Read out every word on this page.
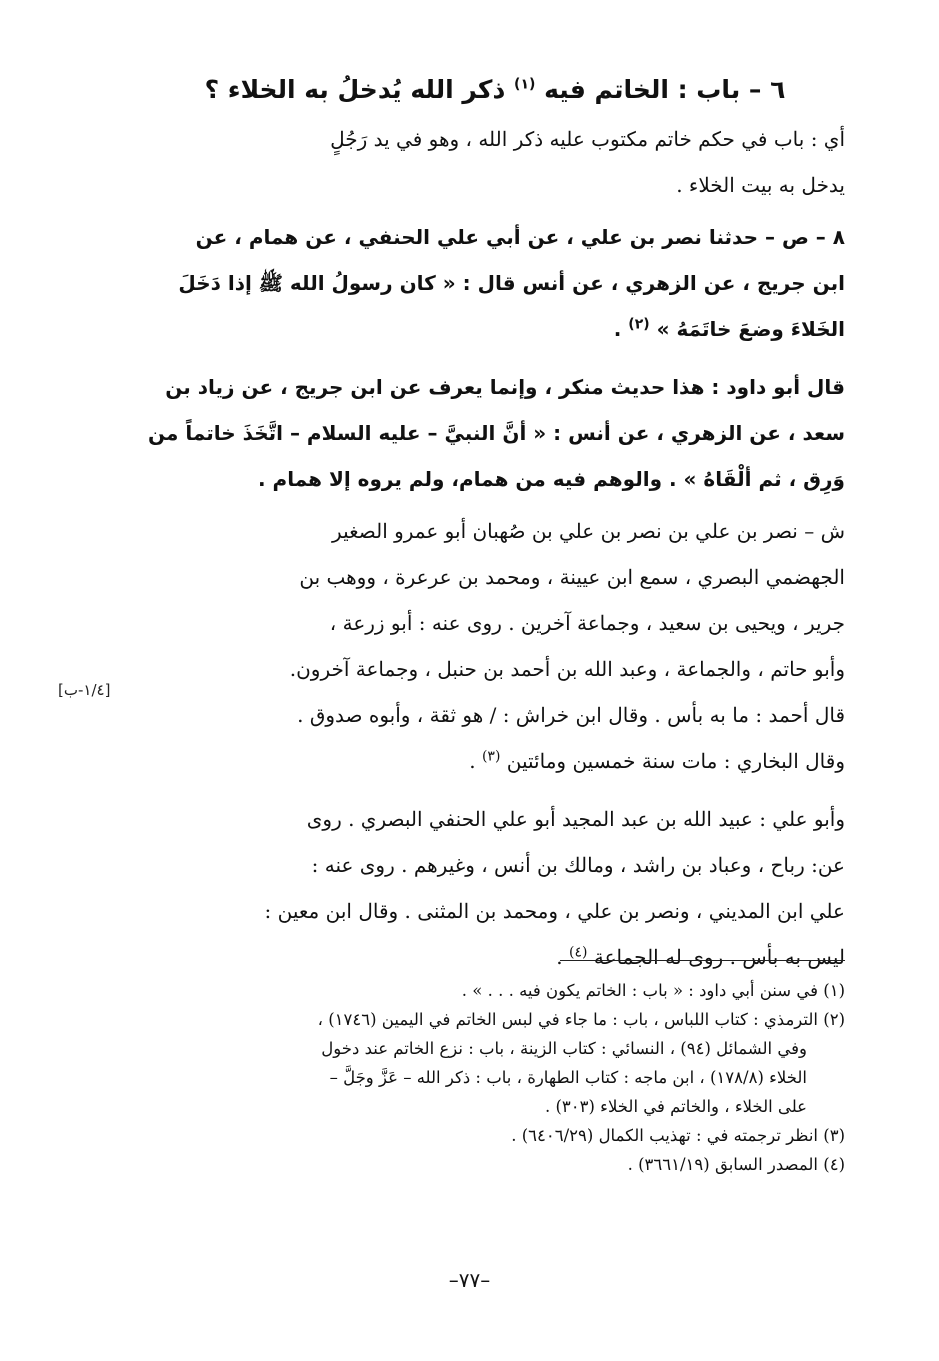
٦ – باب : الخاتم فيه $^{(١)}$ ذكر الله يُدخلُ به الخلاء ؟

أي : باب في حكم خاتم مكتوب عليه ذكر الله ، وهو في يد رَجُلٍ

يدخل به بيت الخلاء .

٨ – ص – حدثنا نصر بن علي ، عن أبي علي الحنفي ، عن همام ، عن

ابن جريج ، عن الزهري ، عن أنس قال : « كان رسولُ الله ﷺ إذا دَخَلَ

الخَلاءَ وضعَ خاتَمَهُ » $^{(٢)}$ .

قال أبو داود : هذا حديث منكر ، وإنما يعرف عن ابن جريج ، عن زياد بن

سعد ، عن الزهري ، عن أنس : « أنَّ النبيَّ – عليه السلام – اتَّخَذَ خاتماً من

وَرِق ، ثم ألْقَاهُ » . والوهم فيه من همام، ولم يروه إلا همام .

ش – نصر بن علي بن نصر بن علي بن صُهبان أبو عمرو الصغير

الجهضمي البصري ، سمع ابن عيينة ، ومحمد بن عرعرة ، ووهب بن

جرير ، ويحيى بن سعيد ، وجماعة آخرين . روى عنه : أبو زرعة ،

وأبو حاتم ، والجماعة ، وعبد الله بن أحمد بن حنبل ، وجماعة آخرون.

قال أحمد : ما به بأس . وقال ابن خراش : / هو ثقة ، وأبوه صدوق .

وقال البخاري : مات سنة خمسين ومائتين $^{(٣)}$ .

وأبو علي : عبيد الله بن عبد المجيد أبو علي الحنفي البصري . روى

عن: رباح ، وعباد بن راشد ، ومالك بن أنس ، وغيرهم . روى عنه :

علي ابن المديني ، ونصر بن علي ، ومحمد بن المثنى . وقال ابن معين :

ليس به بأس . روى له الجماعة $^{(٤)}$ .

[١/٤-ب]

(١) في سنن أبي داود : « باب : الخاتم يكون فيه . . . » .

(٢) الترمذي : كتاب اللباس ، باب : ما جاء في لبس الخاتم في اليمين (١٧٤٦) ،

وفي الشمائل (٩٤) ، النسائي : كتاب الزينة ، باب : نزع الخاتم عند دخول

الخلاء (١٧٨/٨) ، ابن ماجه : كتاب الطهارة ، باب : ذكر الله – عَزَّ وجَلَّ –

على الخلاء ، والخاتم في الخلاء (٣٠٣) .

(٣) انظر ترجمته في : تهذيب الكمال (٦٤٠٦/٢٩) .

(٤) المصدر السابق (٣٦٦١/١٩) .

–٧٧–
